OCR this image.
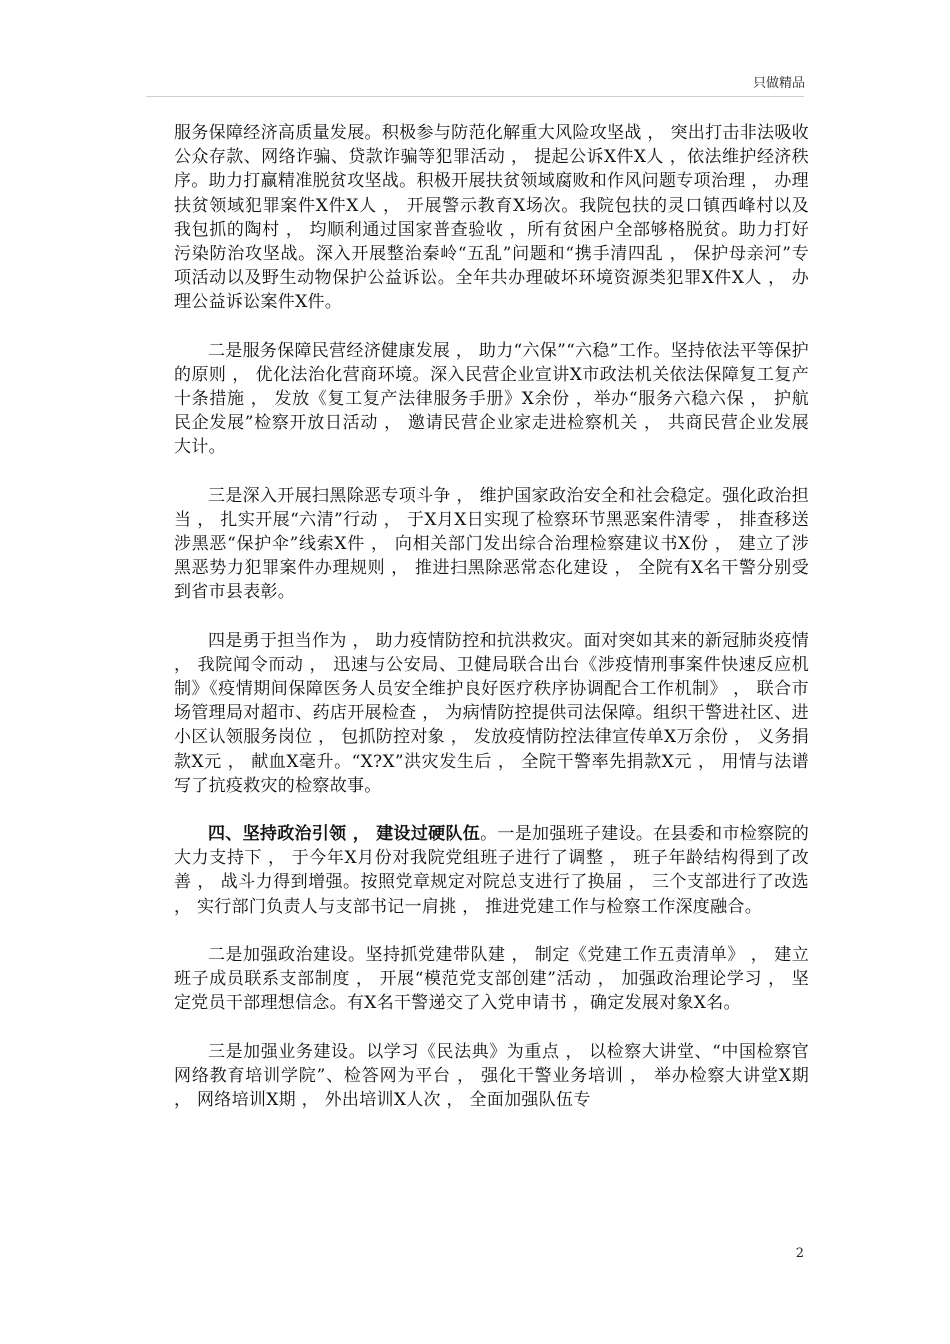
只做精品

服务保障经济高质量发展。积极参与防范化解重大风险攻坚战 ， 突出打击非法吸收公众存款、网络诈骗、贷款诈骗等犯罪活动 ， 提起公诉X件X人 ，依法维护经济秩序。助力打赢精准脱贫攻坚战。积极开展扶贫领域腐败和作风问题专项治理 ， 办理扶贫领域犯罪案件X件X人 ， 开展警示教育X场次。我院包扶的灵口镇西峰村以及我包抓的陶村 ， 均顺利通过国家普查验收 ，所有贫困户全部够格脱贫。助力打好污染防治攻坚战。深入开展整治秦岭“五乱”问题和“携手清四乱 ， 保护母亲河”专项活动以及野生动物保护公益诉讼。全年共办理破坏环境资源类犯罪X件X人 ， 办理公益诉讼案件X件。

二是服务保障民营经济健康发展 ， 助力“六保”“六稳”工作。坚持依法平等保护的原则 ， 优化法治化营商环境。深入民营企业宣讲X市政法机关依法保障复工复产十条措施 ， 发放《复工复产法律服务手册》X余份 ，举办“服务六稳六保 ， 护航民企发展”检察开放日活动 ， 邀请民营企业家走进检察机关 ， 共商民营企业发展大计。

三是深入开展扫黑除恶专项斗争 ， 维护国家政治安全和社会稳定。强化政治担当 ， 扎实开展“六清”行动 ， 于X月X日实现了检察环节黑恶案件清零 ， 排查移送涉黑恶“保护伞”线索X件 ， 向相关部门发出综合治理检察建议书X份 ， 建立了涉黑恶势力犯罪案件办理规则 ， 推进扫黑除恶常态化建设 ， 全院有X名干警分别受到省市县表彰。

四是勇于担当作为 ， 助力疫情防控和抗洪救灾。面对突如其来的新冠肺炎疫情 ， 我院闻令而动 ， 迅速与公安局、卫健局联合出台《涉疫情刑事案件快速反应机制》《疫情期间保障医务人员安全维护良好医疗秩序协调配合工作机制》 ， 联合市场管理局对超市、药店开展检查 ， 为病情防控提供司法保障。组织干警进社区、进小区认领服务岗位 ， 包抓防控对象 ， 发放疫情防控法律宣传单X万余份 ， 义务捐款X元 ， 献血X毫升。“X?X”洪灾发生后 ， 全院干警率先捐款X元 ， 用情与法谱写了抗疫救灾的检察故事。

四、坚持政治引领 ， 建设过硬队伍。一是加强班子建设。在县委和市检察院的大力支持下 ， 于今年X月份对我院党组班子进行了调整 ， 班子年龄结构得到了改善 ， 战斗力得到增强。按照党章规定对院总支进行了换届 ， 三个支部进行了改选 ， 实行部门负责人与支部书记一肩挑 ， 推进党建工作与检察工作深度融合。

二是加强政治建设。坚持抓党建带队建 ， 制定《党建工作五责清单》 ， 建立班子成员联系支部制度 ， 开展“模范党支部创建”活动 ， 加强政治理论学习 ， 坚定党员干部理想信念。有X名干警递交了入党申请书 ，确定发展对象X名。

三是加强业务建设。以学习《民法典》为重点 ， 以检察大讲堂、“中国检察官网络教育培训学院”、检答网为平台 ， 强化干警业务培训 ， 举办检察大讲堂X期 ， 网络培训X期 ， 外出培训X人次 ， 全面加强队伍专

2
